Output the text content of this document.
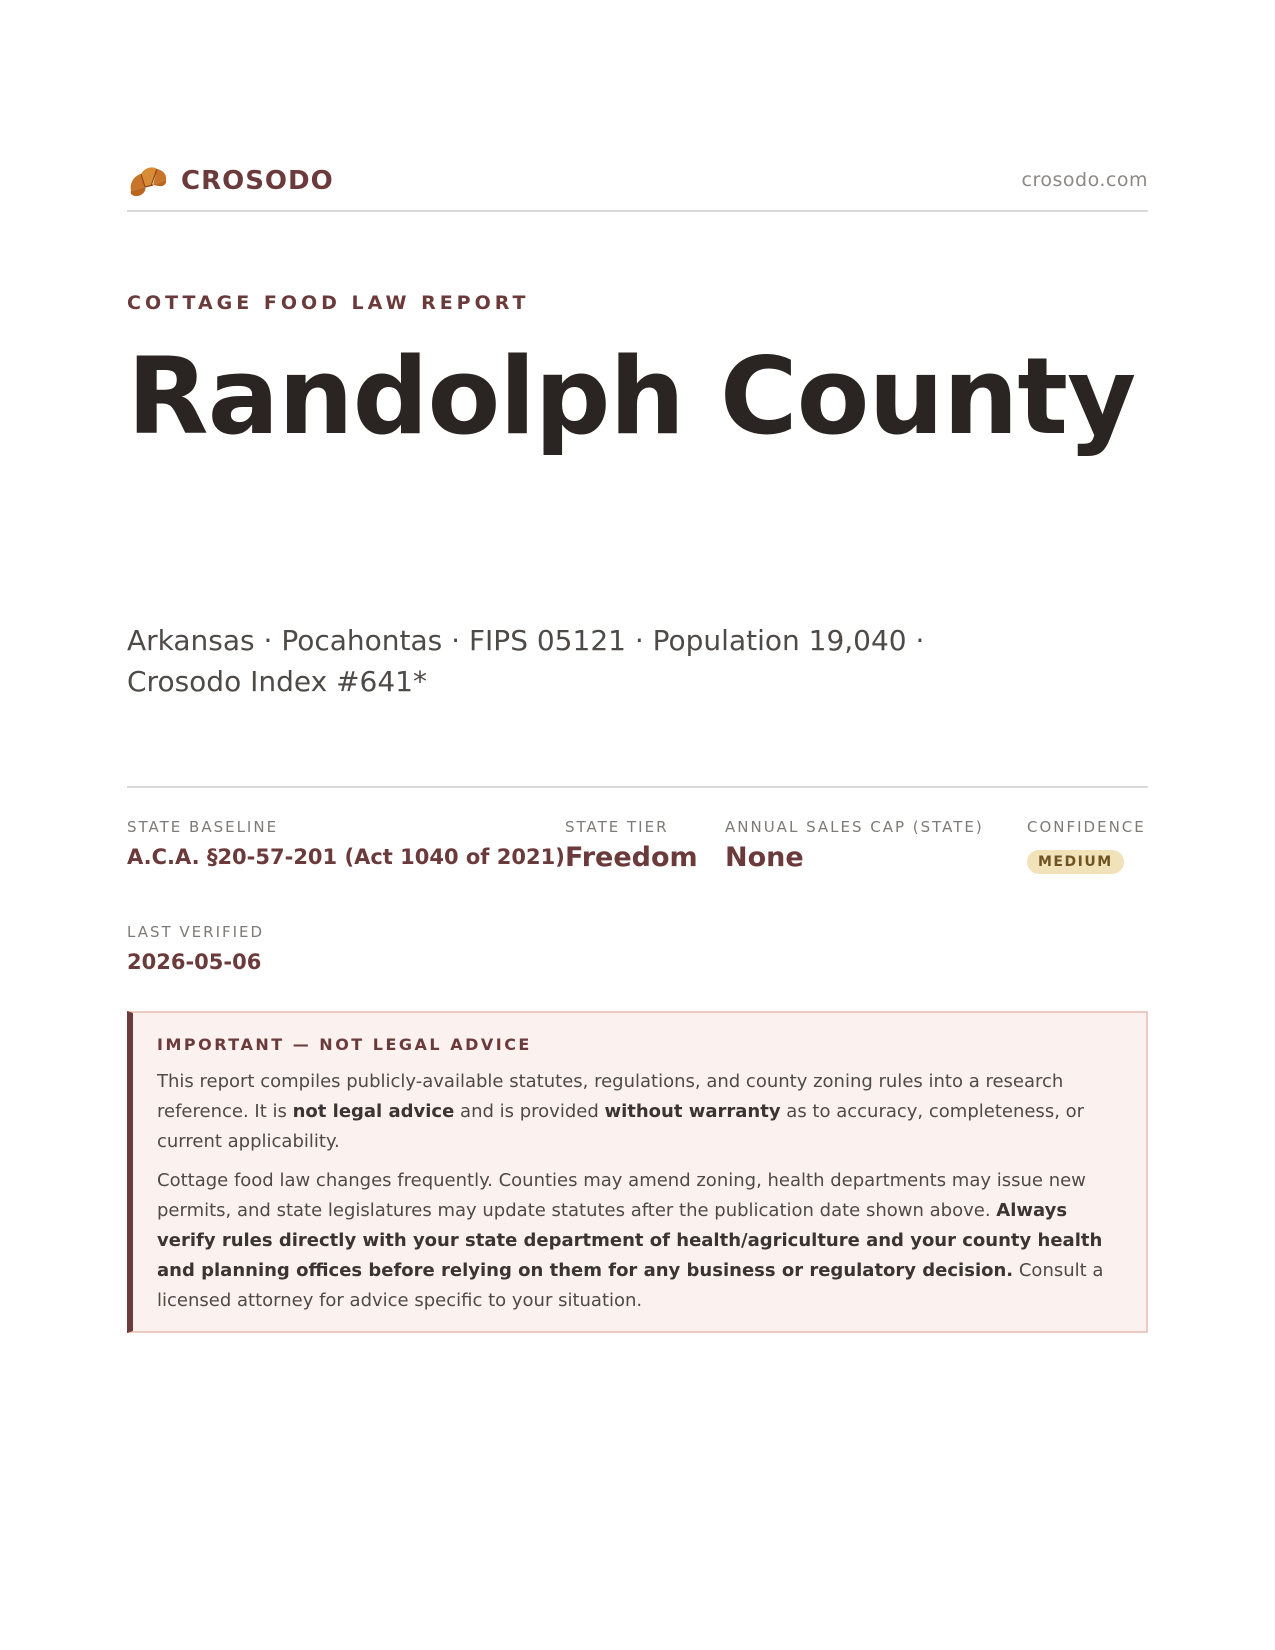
CROSODO	crosodo.com
COTTAGE FOOD LAW REPORT
Randolph County
Arkansas · Pocahontas · FIPS 05121 · Population 19,040 · Crosodo Index #641*
STATE BASELINE
A.C.A. §20-57-201 (Act 1040 of 2021)
STATE TIER
Freedom
ANNUAL SALES CAP (STATE)
None
CONFIDENCE
MEDIUM
LAST VERIFIED
2026-05-06
IMPORTANT — NOT LEGAL ADVICE

This report compiles publicly-available statutes, regulations, and county zoning rules into a research reference. It is not legal advice and is provided without warranty as to accuracy, completeness, or current applicability.

Cottage food law changes frequently. Counties may amend zoning, health departments may issue new permits, and state legislatures may update statutes after the publication date shown above. Always verify rules directly with your state department of health/agriculture and your county health and planning offices before relying on them for any business or regulatory decision. Consult a licensed attorney for advice specific to your situation.
